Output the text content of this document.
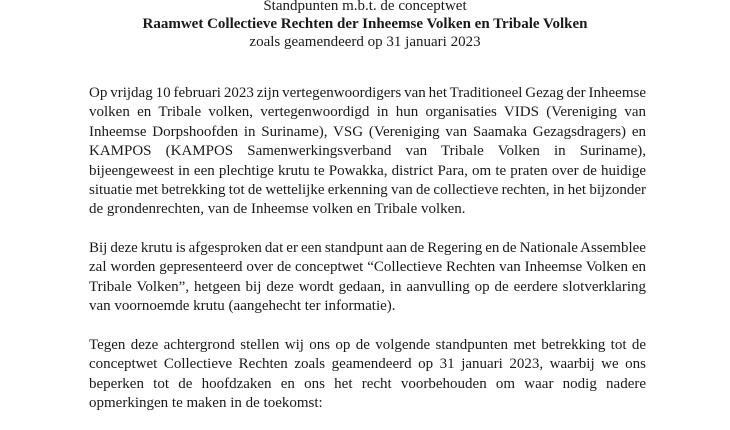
Standpunten m.b.t. de conceptwet
Raamwet Collectieve Rechten der Inheemse Volken en Tribale Volken
zoals geamendeerd op 31 januari 2023
Op vrijdag 10 februari 2023 zijn vertegenwoordigers van het Traditioneel Gezag der Inheemse
volken en Tribale volken, vertegenwoordigd in hun organisaties VIDS (Vereniging van
Inheemse Dorpshoofden in Suriname), VSG (Vereniging van Saamaka Gezagsdragers) en
KAMPOS (KAMPOS Samenwerkingsverband van Tribale Volken in Suriname),
bijeengeweest in een plechtige krutu te Powakka, district Para, om te praten over de huidige
situatie met betrekking tot de wettelijke erkenning van de collectieve rechten, in het bijzonder
de grondenrechten, van de Inheemse volken en Tribale volken.
Bij deze krutu is afgesproken dat er een standpunt aan de Regering en de Nationale Assemblee
zal worden gepresenteerd over de conceptwet “Collectieve Rechten van Inheemse Volken en
Tribale Volken”, hetgeen bij deze wordt gedaan, in aanvulling op de eerdere slotverklaring
van voornoemde krutu (aangehecht ter informatie).
Tegen deze achtergrond stellen wij ons op de volgende standpunten met betrekking tot de
conceptwet Collectieve Rechten zoals geamendeerd op 31 januari 2023, waarbij we ons
beperken tot de hoofdzaken en ons het recht voorbehouden om waar nodig nadere
opmerkingen te maken in de toekomst:
